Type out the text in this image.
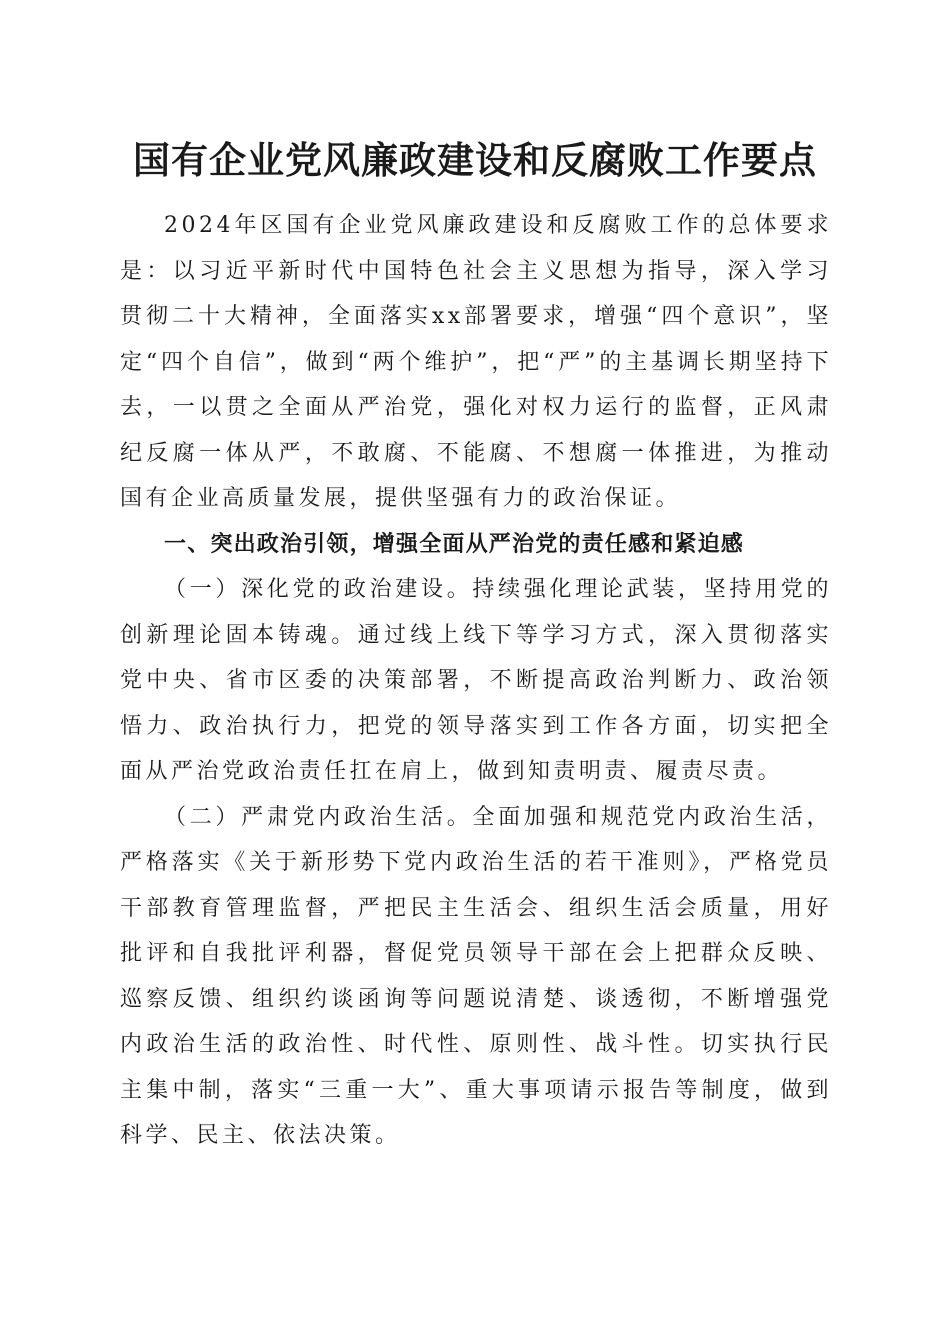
国有企业党风廉政建设和反腐败工作要点

2024年区国有企业党风廉政建设和反腐败工作的总体要求是：以习近平新时代中国特色社会主义思想为指导，深入学习贯彻二十大精神，全面落实xx部署要求，增强“四个意识”，坚定“四个自信”，做到“两个维护”，把“严”的主基调长期坚持下去，一以贯之全面从严治党，强化对权力运行的监督，正风肃纪反腐一体从严，不敢腐、不能腐、不想腐一体推进，为推动国有企业高质量发展，提供坚强有力的政治保证。

一、突出政治引领，增强全面从严治党的责任感和紧迫感

（一）深化党的政治建设。持续强化理论武装，坚持用党的创新理论固本铸魂。通过线上线下等学习方式，深入贯彻落实党中央、省市区委的决策部署，不断提高政治判断力、政治领悟力、政治执行力，把党的领导落实到工作各方面，切实把全面从严治党政治责任扛在肩上，做到知责明责、履责尽责。

（二）严肃党内政治生活。全面加强和规范党内政治生活，严格落实《关于新形势下党内政治生活的若干准则》，严格党员干部教育管理监督，严把民主生活会、组织生活会质量，用好批评和自我批评利器，督促党员领导干部在会上把群众反映、巡察反馈、组织约谈函询等问题说清楚、谈透彻，不断增强党内政治生活的政治性、时代性、原则性、战斗性。切实执行民主集中制，落实“三重一大”、重大事项请示报告等制度，做到科学、民主、依法决策。
